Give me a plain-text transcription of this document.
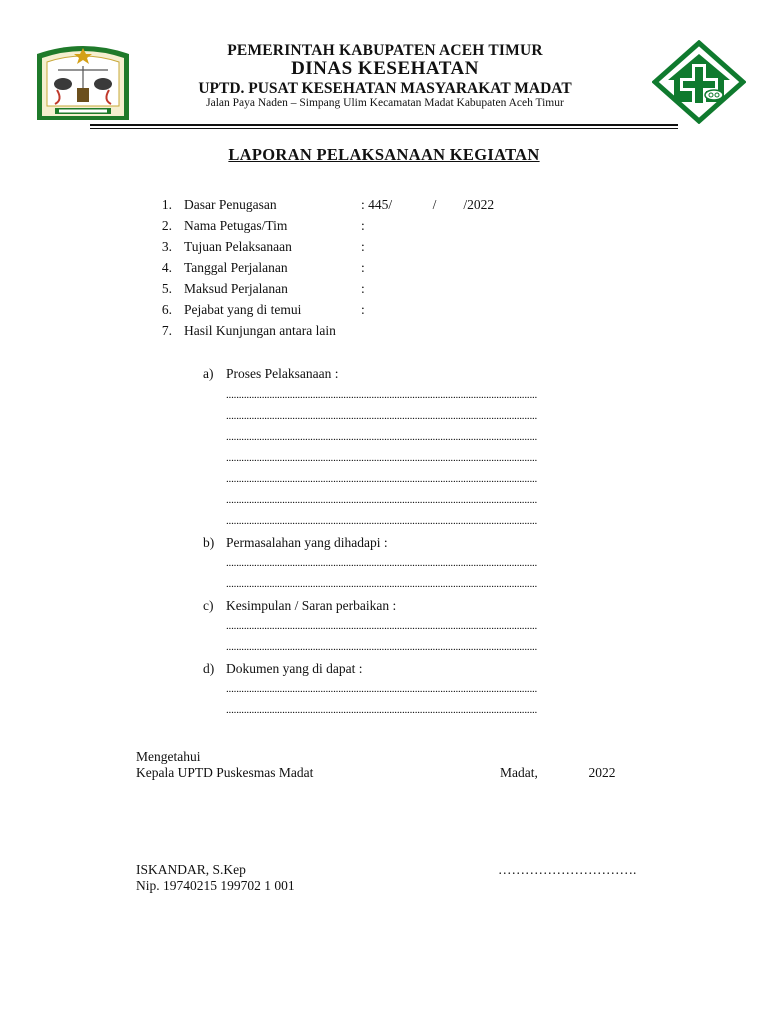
PEMERINTAH KABUPATEN ACEH TIMUR
DINAS KESEHATAN
UPTD. PUSAT KESEHATAN MASYARAKAT MADAT
Jalan Paya Naden – Simpang Ulim Kecamatan Madat Kabupaten Aceh Timur
LAPORAN PELAKSANAAN KEGIATAN
1. Dasar Penugasan	: 445/            /        /2022
2. Nama Petugas/Tim	:
3. Tujuan Pelaksanaan	:
4. Tanggal Perjalanan	:
5. Maksud Perjalanan	:
6. Pejabat yang di temui	:
7. Hasil Kunjungan antara lain
a) Proses Pelaksanaan :
..........................................................................................................................
..........................................................................................................................
..........................................................................................................................
..........................................................................................................................
..........................................................................................................................
..........................................................................................................................
..........................................................................................................................
b) Permasalahan yang dihadapi :
..........................................................................................................................
..........................................................................................................................
c) Kesimpulan / Saran perbaikan :
..........................................................................................................................
..........................................................................................................................
d) Dokumen yang di dapat :
..........................................................................................................................
..........................................................................................................................
Mengetahui
Kepala UPTD Puskesmas Madat	Madat,               2022
ISKANDAR, S.Kep
Nip. 19740215 199702 1 001
………………………….
